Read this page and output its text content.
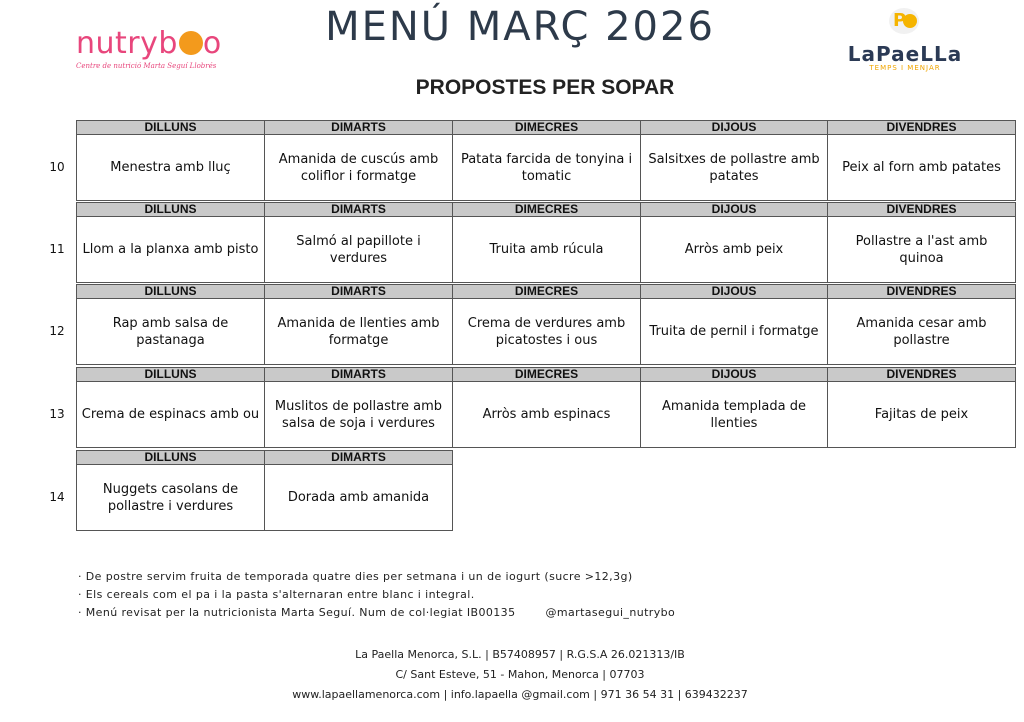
nutryb o
Centre de nutrició Marta Seguí Llobrés
MENÚ MARÇ 2026
PROPOSTES PER SOPAR
P
LaPaeLLa
TEMPS I MENJAR
10
DILLUNS
Menestra amb lluç
DIMARTS
Amanida de cuscús amb coliflor i formatge
DIMECRES
Patata farcida de tonyina i tomatic
DIJOUS
Salsitxes de pollastre amb patates
DIVENDRES
Peix al forn amb patates
11
DILLUNS
Llom a la planxa amb pisto
DIMARTS
Salmó al papillote i verdures
DIMECRES
Truita amb rúcula
DIJOUS
Arròs amb peix
DIVENDRES
Pollastre a l'ast amb quinoa
12
DILLUNS
Rap amb salsa de pastanaga
DIMARTS
Amanida de llenties amb formatge
DIMECRES
Crema de verdures amb picatostes i ous
DIJOUS
Truita de pernil i formatge
DIVENDRES
Amanida cesar amb pollastre
13
DILLUNS
Crema de espinacs amb ou
DIMARTS
Muslitos de pollastre amb salsa de soja i verdures
DIMECRES
Arròs amb espinacs
DIJOUS
Amanida templada de llenties
DIVENDRES
Fajitas de peix
14
DILLUNS
Nuggets casolans de pollastre i verdures
DIMARTS
Dorada amb amanida
· De postre servim fruita de temporada quatre dies per setmana i un de iogurt (sucre >12,3g)
· Els cereals com el pa i la pasta s'alternaran entre blanc i integral.
· Menú revisat per la nutricionista Marta Seguí. Num de col·legiat IB00135	@martasegui_nutrybo
La Paella Menorca, S.L. | B57408957 | R.G.S.A 26.021313/IB
C/ Sant Esteve, 51 - Mahon, Menorca | 07703
www.lapaellamenorca.com | info.lapaella @gmail.com | 971 36 54 31 | 639432237
